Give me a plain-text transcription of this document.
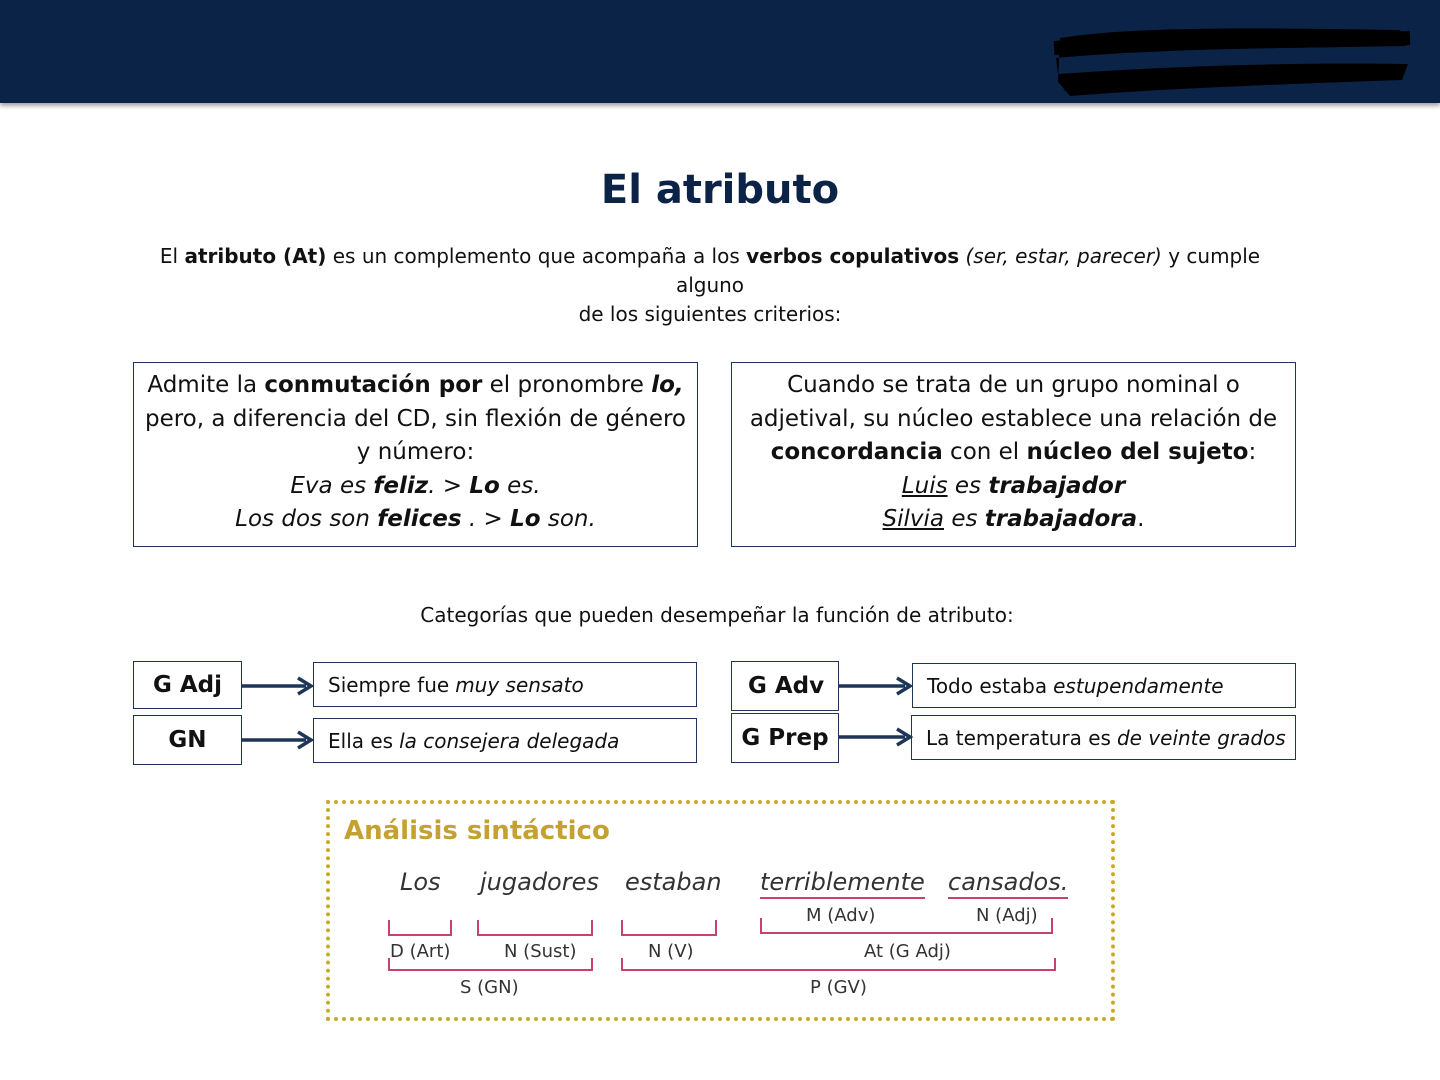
El atributo
El atributo (At) es un complemento que acompaña a los verbos copulativos (ser, estar, parecer) y cumple alguno
de los siguientes criterios:
Admite la conmutación por el pronombre lo,
pero, a diferencia del CD, sin flexión de género
y número:
Eva es feliz. > Lo es.
Los dos son felices . > Lo son.
Cuando se trata de un grupo nominal o
adjetival, su núcleo establece una relación de
concordancia con el núcleo del sujeto:
Luis es trabajador
Silvia es trabajadora.
Categorías que pueden desempeñar la función de atributo:
G Adj	Siempre fue muy sensato
GN	Ella es la consejera delegada
G Adv	Todo estaba estupendamente
G Prep	La temperatura es de veinte grados
Análisis sintáctico
Los jugadores estaban terriblemente cansados.
M (Adv)	N (Adj)
D (Art)	N (Sust)	N (V)	At (G Adj)
S (GN)	P (GV)
